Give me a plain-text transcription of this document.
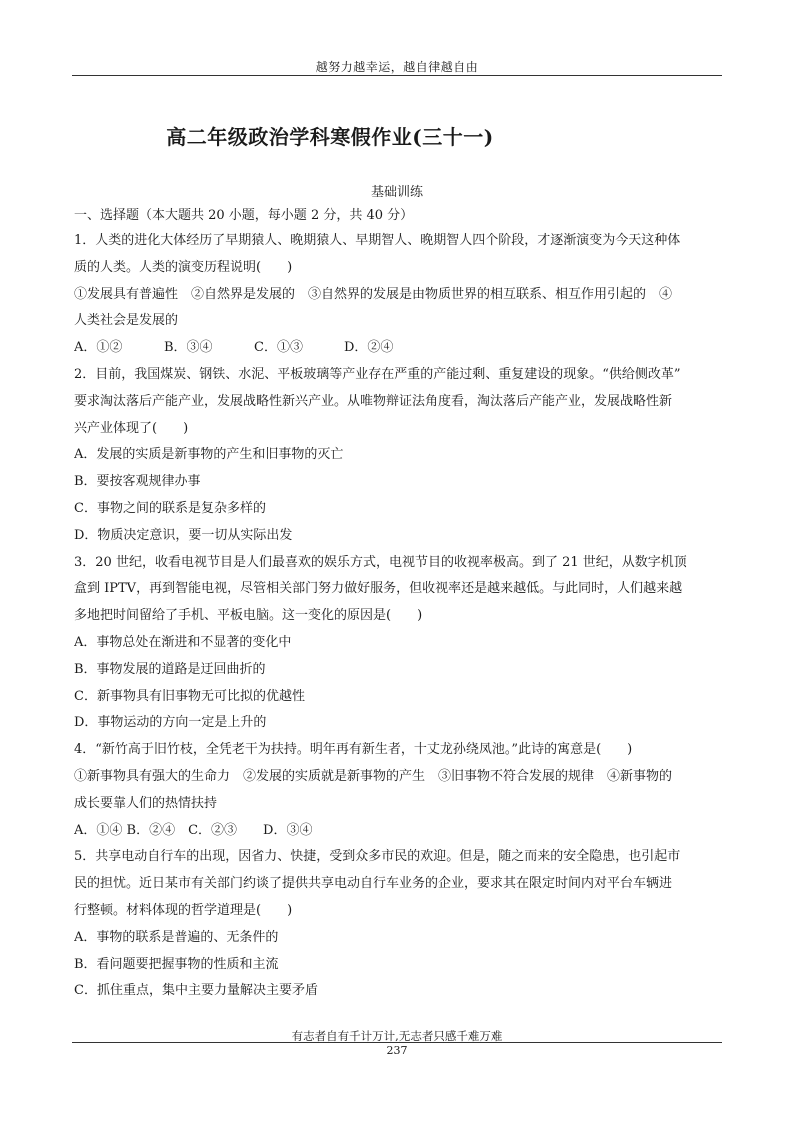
越努力越幸运，越自律越自由
高二年级政治学科寒假作业(三十一)
基础训练
一、选择题（本大题共 20 小题，每小题 2 分，共 40 分）
1．人类的进化大体经历了早期猿人、晚期猿人、早期智人、晚期智人四个阶段，才逐渐演变为今天这种体
质的人类。人类的演变历程说明(　　)
①发展具有普遍性　②自然界是发展的　③自然界的发展是由物质世界的相互联系、相互作用引起的　④
人类社会是发展的
A．①②	B．③④	C．①③	D．②④
2．目前，我国煤炭、钢铁、水泥、平板玻璃等产业存在严重的产能过剩、重复建设的现象。“供给侧改革”
要求淘汰落后产能产业，发展战略性新兴产业。从唯物辩证法角度看，淘汰落后产能产业，发展战略性新
兴产业体现了(　　)
A．发展的实质是新事物的产生和旧事物的灭亡
B．要按客观规律办事
C．事物之间的联系是复杂多样的
D．物质决定意识，要一切从实际出发
3．20 世纪，收看电视节目是人们最喜欢的娱乐方式，电视节目的收视率极高。到了 21 世纪，从数字机顶
盒到 IPTV，再到智能电视，尽管相关部门努力做好服务，但收视率还是越来越低。与此同时，人们越来越
多地把时间留给了手机、平板电脑。这一变化的原因是(　　)
A．事物总处在渐进和不显著的变化中
B．事物发展的道路是迂回曲折的
C．新事物具有旧事物无可比拟的优越性
D．事物运动的方向一定是上升的
4．“新竹高于旧竹枝，全凭老干为扶持。明年再有新生者，十丈龙孙绕凤池。”此诗的寓意是(　　)
①新事物具有强大的生命力　②发展的实质就是新事物的产生　③旧事物不符合发展的规律　④新事物的
成长要靠人们的热情扶持
A．①④ B．②④　C．②③　　D．③④
5．共享电动自行车的出现，因省力、快捷，受到众多市民的欢迎。但是，随之而来的安全隐患，也引起市
民的担忧。近日某市有关部门约谈了提供共享电动自行车业务的企业，要求其在限定时间内对平台车辆进
行整顿。材料体现的哲学道理是(　　)
A．事物的联系是普遍的、无条件的
B．看问题要把握事物的性质和主流
C．抓住重点，集中主要力量解决主要矛盾
有志者自有千计万计,无志者只感千难万难
237
